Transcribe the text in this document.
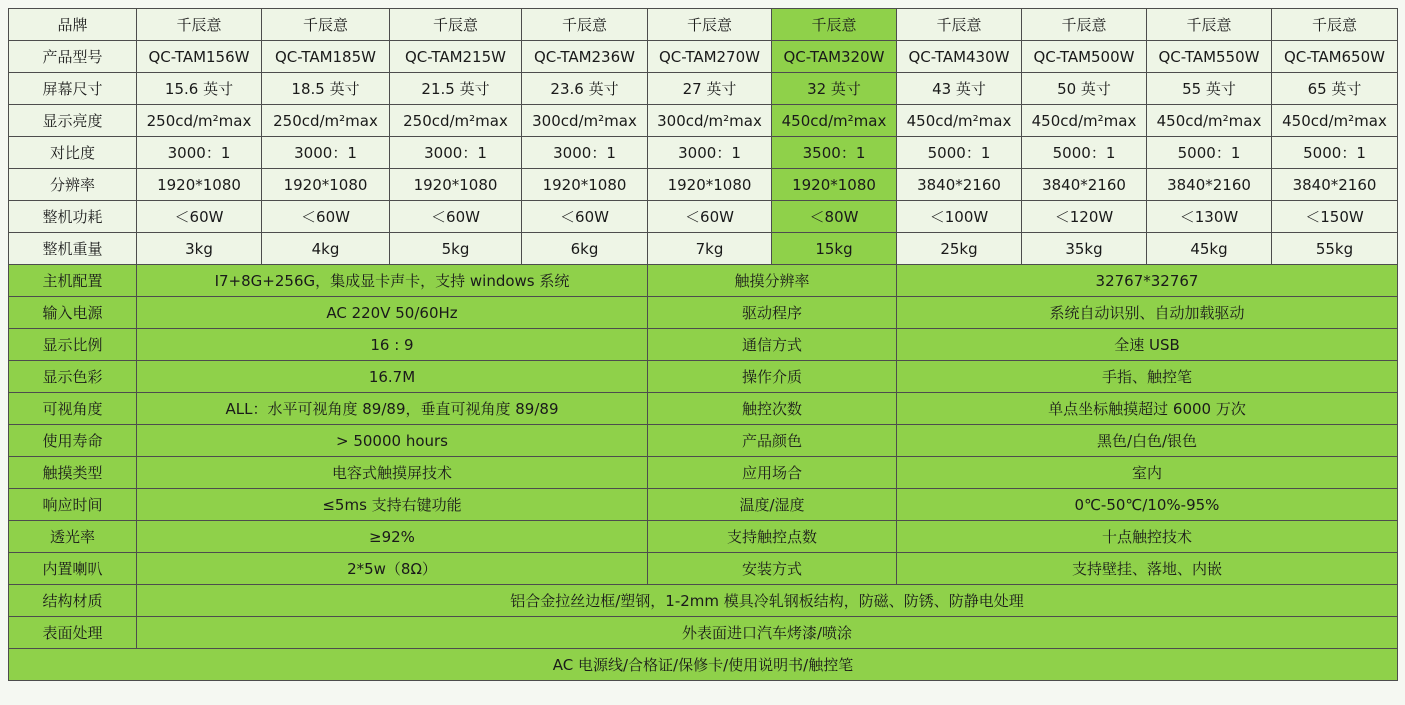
品牌	千辰意	千辰意	千辰意	千辰意	千辰意	千辰意	千辰意	千辰意	千辰意	千辰意
产品型号	QC-TAM156W	QC-TAM185W	QC-TAM215W	QC-TAM236W	QC-TAM270W	QC-TAM320W	QC-TAM430W	QC-TAM500W	QC-TAM550W	QC-TAM650W
屏幕尺寸	15.6 英寸	18.5 英寸	21.5 英寸	23.6 英寸	27 英寸	32 英寸	43 英寸	50 英寸	55 英寸	65 英寸
显示亮度	250cd/m²max	250cd/m²max	250cd/m²max	300cd/m²max	300cd/m²max	450cd/m²max	450cd/m²max	450cd/m²max	450cd/m²max	450cd/m²max
对比度	3000：1	3000：1	3000：1	3000：1	3000：1	3500：1	5000：1	5000：1	5000：1	5000：1
分辨率	1920*1080	1920*1080	1920*1080	1920*1080	1920*1080	1920*1080	3840*2160	3840*2160	3840*2160	3840*2160
整机功耗	＜60W	＜60W	＜60W	＜60W	＜60W	＜80W	＜100W	＜120W	＜130W	＜150W
整机重量	3kg	4kg	5kg	6kg	7kg	15kg	25kg	35kg	45kg	55kg
主机配置	I7+8G+256G，集成显卡声卡，支持 windows 系统				触摸分辨率		32767*32767			
输入电源	AC 220V 50/60Hz				驱动程序		系统自动识别、自动加载驱动			
显示比例	16 : 9				通信方式		全速 USB			
显示色彩	16.7M				操作介质		手指、触控笔			
可视角度	ALL：水平可视角度 89/89，垂直可视角度 89/89				触控次数		单点坐标触摸超过 6000 万次			
使用寿命	> 50000 hours				产品颜色		黑色/白色/银色			
触摸类型	电容式触摸屏技术				应用场合		室内			
响应时间	≤5ms 支持右键功能				温度/湿度		0℃-50℃/10%-95%			
透光率	≥92%				支持触控点数		十点触控技术			
内置喇叭	2*5w（8Ω）				安装方式		支持壁挂、落地、内嵌			
结构材质	铝合金拉丝边框/塑钢，1-2mm 模具冷轧钢板结构，防磁、防锈、防静电处理									
表面处理	外表面进口汽车烤漆/喷涂									
AC 电源线/合格证/保修卡/使用说明书/触控笔										
